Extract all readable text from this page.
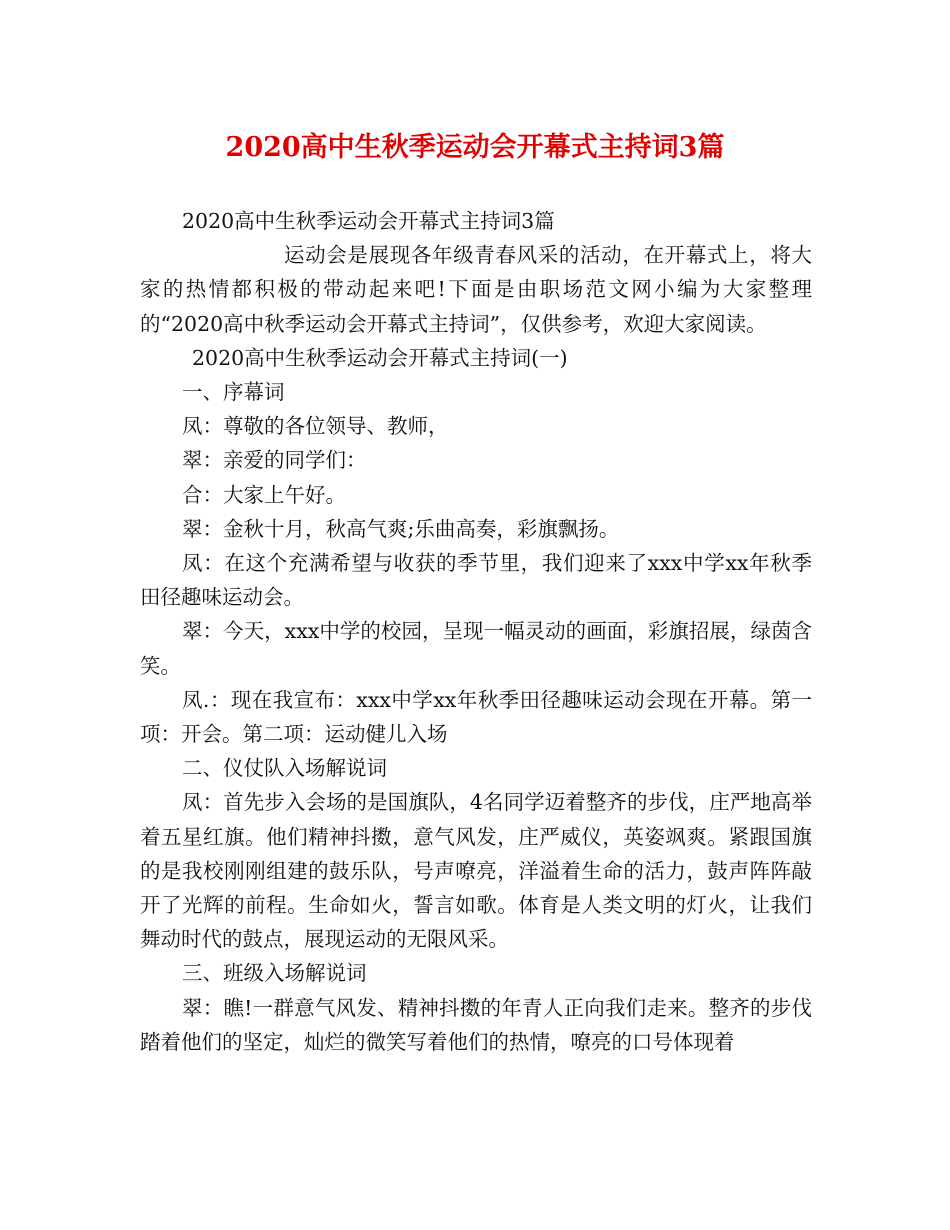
2020高中生秋季运动会开幕式主持词3篇

2020高中生秋季运动会开幕式主持词3篇

运动会是展现各年级青春风采的活动，在开幕式上，将大家的热情都积极的带动起来吧!下面是由职场范文网小编为大家整理的“2020高中秋季运动会开幕式主持词”，仅供参考，欢迎大家阅读。

2020高中生秋季运动会开幕式主持词(一)

一、序幕词

凤：尊敬的各位领导、教师，

翠：亲爱的同学们：

合：大家上午好。

翠：金秋十月，秋高气爽;乐曲高奏，彩旗飘扬。

凤：在这个充满希望与收获的季节里，我们迎来了xxx中学xx年秋季田径趣味运动会。

翠：今天，xxx中学的校园，呈现一幅灵动的画面，彩旗招展，绿茵含笑。

凤.：现在我宣布：xxx中学xx年秋季田径趣味运动会现在开幕。第一项：开会。第二项：运动健儿入场

二、仪仗队入场解说词

凤：首先步入会场的是国旗队，4名同学迈着整齐的步伐，庄严地高举着五星红旗。他们精神抖擞，意气风发，庄严威仪，英姿飒爽。紧跟国旗的是我校刚刚组建的鼓乐队，号声嘹亮，洋溢着生命的活力，鼓声阵阵敲开了光辉的前程。生命如火，誓言如歌。体育是人类文明的灯火，让我们舞动时代的鼓点，展现运动的无限风采。

三、班级入场解说词

翠：瞧!一群意气风发、精神抖擞的年青人正向我们走来。整齐的步伐踏着他们的坚定，灿烂的微笑写着他们的热情，嘹亮的口号体现着
